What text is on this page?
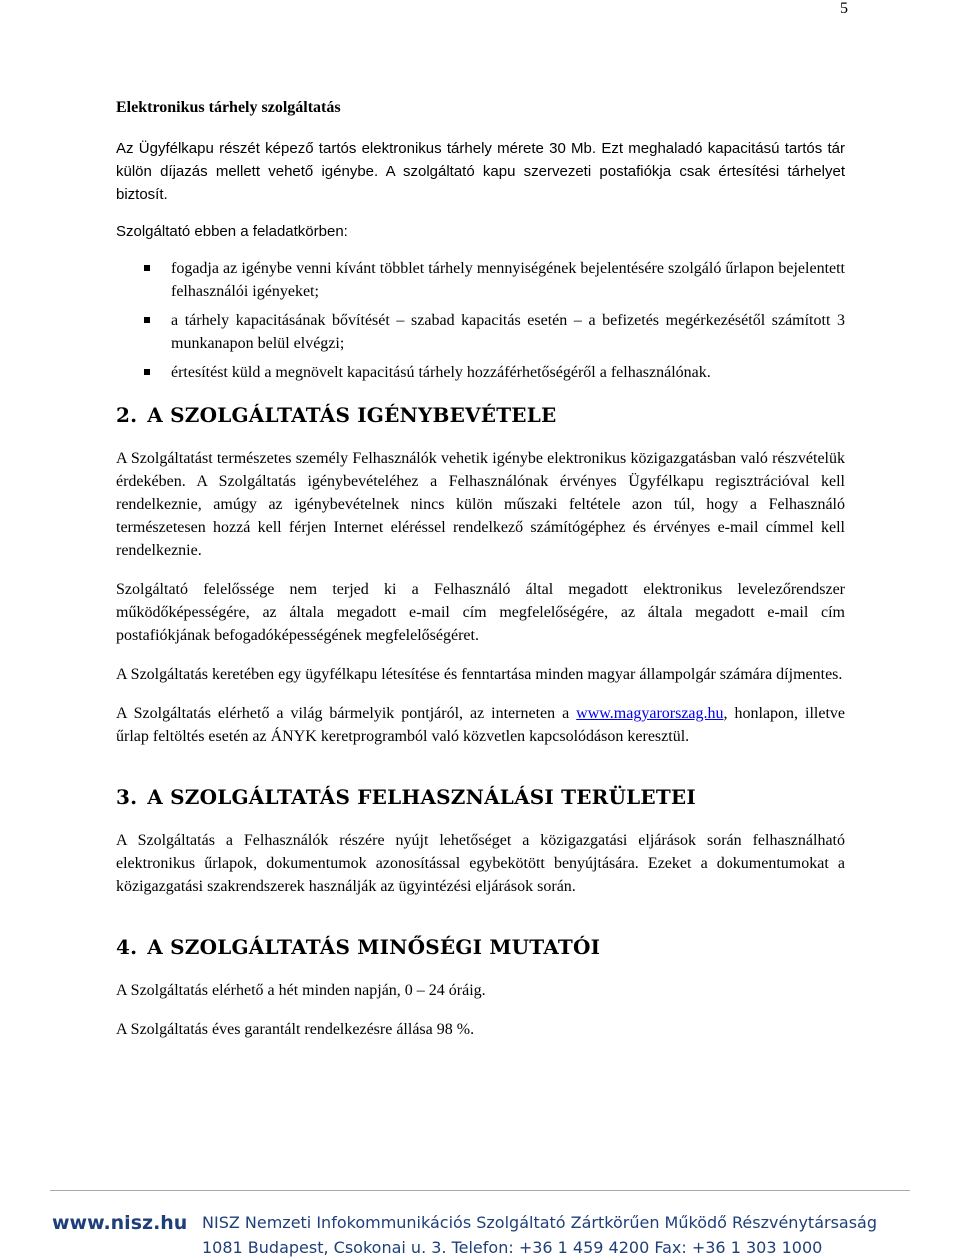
5
Elektronikus tárhely szolgáltatás

Az Ügyfélkapu részét képező tartós elektronikus tárhely mérete 30 Mb. Ezt meghaladó kapacitású tartós tár külön díjazás mellett vehető igénybe. A szolgáltató kapu szervezeti postafiókja csak értesítési tárhelyet biztosít.

Szolgáltató ebben a feladatkörben:

fogadja az igénybe venni kívánt többlet tárhely mennyiségének bejelentésére szolgáló űrlapon bejelentett felhasználói igényeket;
a tárhely kapacitásának bővítését – szabad kapacitás esetén – a befizetés megérkezésétől számított 3 munkanapon belül elvégzi;
értesítést küld a megnövelt kapacitású tárhely hozzáférhetőségéről a felhasználónak.
2. A SZOLGÁLTATÁS IGÉNYBEVÉTELE

A Szolgáltatást természetes személy Felhasználók vehetik igénybe elektronikus közigazgatásban való részvételük érdekében. A Szolgáltatás igénybevételéhez a Felhasználónak érvényes Ügyfélkapu regisztrációval kell rendelkeznie, amúgy az igénybevételnek nincs külön műszaki feltétele azon túl, hogy a Felhasználó természetesen hozzá kell férjen Internet eléréssel rendelkező számítógéphez és érvényes e-mail címmel kell rendelkeznie.

Szolgáltató felelőssége nem terjed ki a Felhasználó által megadott elektronikus levelezőrendszer működőképességére, az általa megadott e-mail cím megfelelőségére, az általa megadott e-mail cím postafiókjának befogadóképességének megfelelőségéret.

A Szolgáltatás keretében egy ügyfélkapu létesítése és fenntartása minden magyar állampolgár számára díjmentes.

A Szolgáltatás elérhető a világ bármelyik pontjáról, az interneten a www.magyarorszag.hu, honlapon, illetve űrlap feltöltés esetén az ÁNYK keretprogramból való közvetlen kapcsolódáson keresztül.

3. A SZOLGÁLTATÁS FELHASZNÁLÁSI TERÜLETEI

A Szolgáltatás a Felhasználók részére nyújt lehetőséget a közigazgatási eljárások során felhasználható elektronikus űrlapok, dokumentumok azonosítással egybekötött benyújtására. Ezeket a dokumentumokat a közigazgatási szakrendszerek használják az ügyintézési eljárások során.

4. A SZOLGÁLTATÁS MINŐSÉGI MUTATÓI

A Szolgáltatás elérhető a hét minden napján, 0 – 24 óráig.

A Szolgáltatás éves garantált rendelkezésre állása 98 %.

www.nisz.hu NISZ Nemzeti Infokommunikációs Szolgáltató Zártkörűen Működő Részvénytársaság
1081 Budapest, Csokonai u. 3. Telefon: +36 1 459 4200 Fax: +36 1 303 1000
